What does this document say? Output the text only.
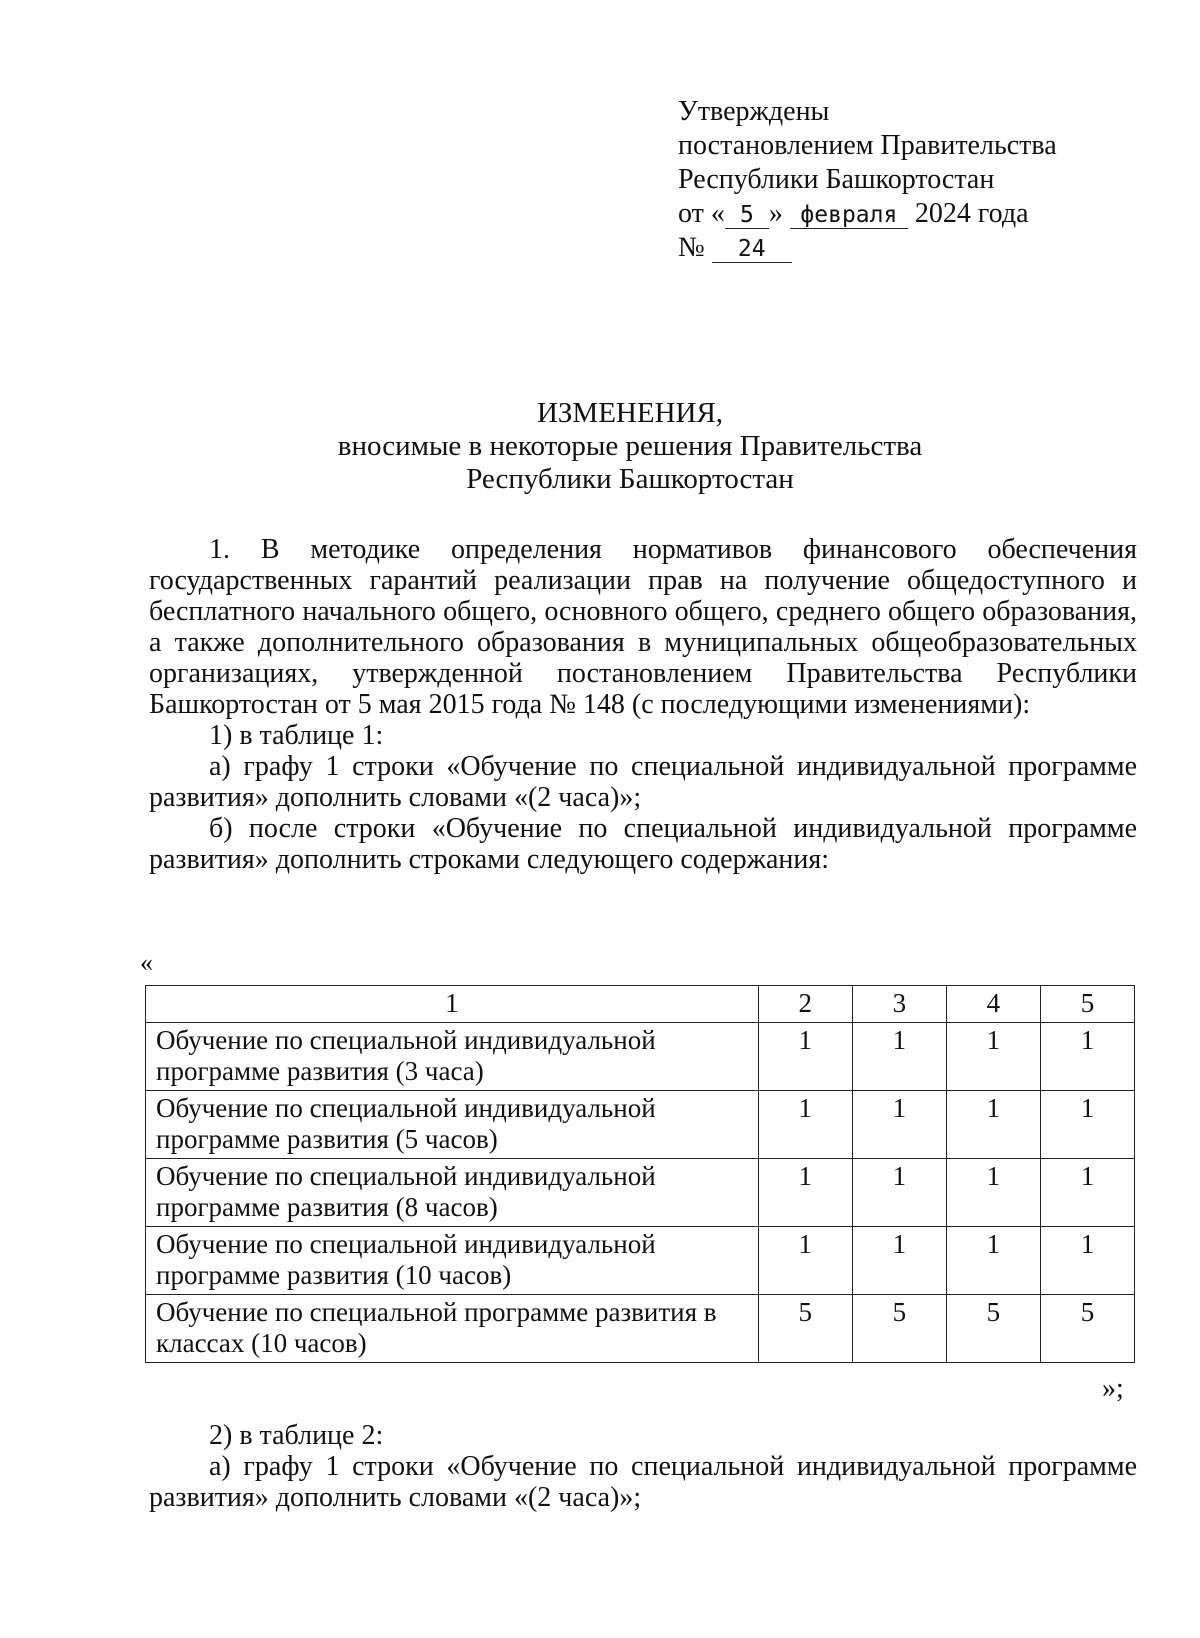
Утверждены
постановлением Правительства
Республики Башкортостан
от « 5 » февраля 2024 года
№ 24
ИЗМЕНЕНИЯ,
вносимые в некоторые решения Правительства
Республики Башкортостан

1. В методике определения нормативов финансового обеспечения государственных гарантий реализации прав на получение общедоступного и бесплатного начального общего, основного общего, среднего общего образования, а также дополнительного образования в муниципальных общеобразовательных организациях, утвержденной постановлением Правительства Республики Башкортостан от 5 мая 2015 года № 148 (с последующими изменениями):

1) в таблице 1:

а) графу 1 строки «Обучение по специальной индивидуальной программе развития» дополнить словами «(2 часа)»;

б) после строки «Обучение по специальной индивидуальной программе развития» дополнить строками следующего содержания:

«
1	2	3	4	5
Обучение по специальной индивидуальной программе развития (3 часа)	1	1	1	1
Обучение по специальной индивидуальной программе развития (5 часов)	1	1	1	1
Обучение по специальной индивидуальной программе развития (8 часов)	1	1	1	1
Обучение по специальной индивидуальной программе развития (10 часов)	1	1	1	1
Обучение по специальной программе развития в классах (10 часов)	5	5	5	5
»;

2) в таблице 2:

а) графу 1 строки «Обучение по специальной индивидуальной программе развития» дополнить словами «(2 часа)»;
